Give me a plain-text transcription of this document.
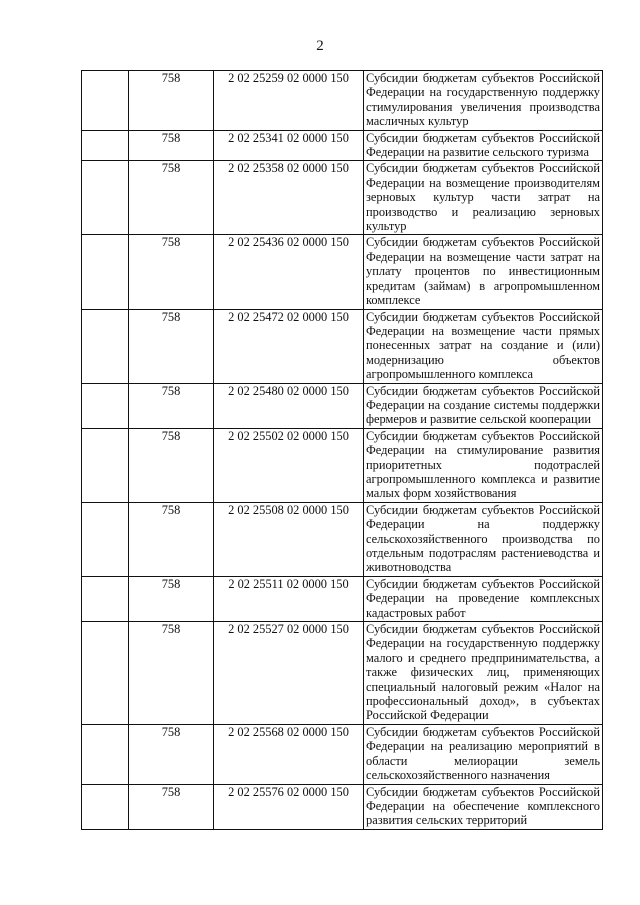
2
	758	2 02 25259 02 0000 150	Субсидии бюджетам субъектов Российской Федерации на государственную поддержку стимулирования увеличения производства масличных культур
	758	2 02 25341 02 0000 150	Субсидии бюджетам субъектов Российской Федерации на развитие сельского туризма
	758	2 02 25358 02 0000 150	Субсидии бюджетам субъектов Российской Федерации на возмещение производителям зерновых культур части затрат на производство и реализацию зерновых культур
	758	2 02 25436 02 0000 150	Субсидии бюджетам субъектов Российской Федерации на возмещение части затрат на уплату процентов по инвестиционным кредитам (займам) в агропромышленном комплексе
	758	2 02 25472 02 0000 150	Субсидии бюджетам субъектов Российской Федерации на возмещение части прямых понесенных затрат на создание и (или) модернизацию объектов агропромышленного комплекса
	758	2 02 25480 02 0000 150	Субсидии бюджетам субъектов Российской Федерации на создание системы поддержки фермеров и развитие сельской кооперации
	758	2 02 25502 02 0000 150	Субсидии бюджетам субъектов Российской Федерации на стимулирование развития приоритетных подотраслей агропромышленного комплекса и развитие малых форм хозяйствования
	758	2 02 25508 02 0000 150	Субсидии бюджетам субъектов Российской Федерации на поддержку сельскохозяйственного производства по отдельным подотраслям растениеводства и животноводства
	758	2 02 25511 02 0000 150	Субсидии бюджетам субъектов Российской Федерации на проведение комплексных кадастровых работ
	758	2 02 25527 02 0000 150	Субсидии бюджетам субъектов Российской Федерации на государственную поддержку малого и среднего предпринимательства, а также физических лиц, применяющих специальный налоговый режим «Налог на профессиональный доход», в субъектах Российской Федерации
	758	2 02 25568 02 0000 150	Субсидии бюджетам субъектов Российской Федерации на реализацию мероприятий в области мелиорации земель сельскохозяйственного назначения
	758	2 02 25576 02 0000 150	Субсидии бюджетам субъектов Российской Федерации на обеспечение комплексного развития сельских территорий
